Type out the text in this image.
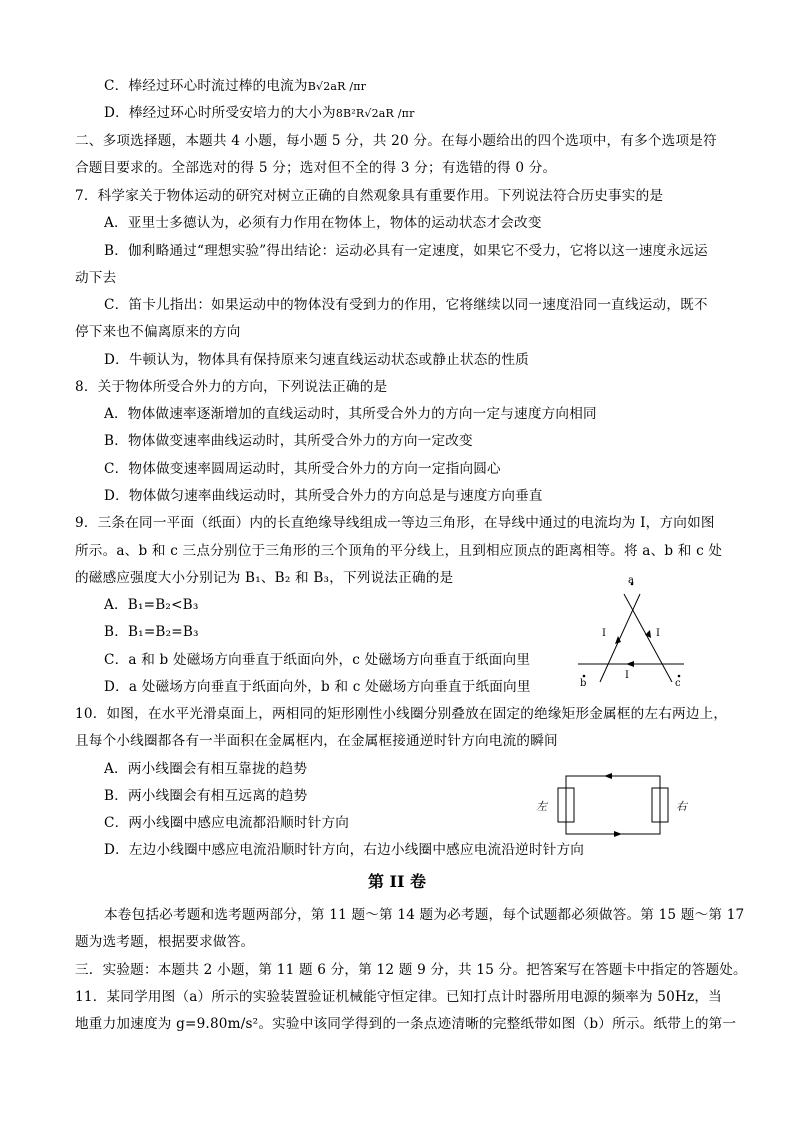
C．棒经过环心时流过棒的电流为B√2aR /πr
D．棒经过环心时所受安培力的大小为8B²R√2aR /πr
二、多项选择题，本题共 4 小题，每小题 5 分，共 20 分。在每小题给出的四个选项中，有多个选项是符
合题目要求的。全部选对的得 5 分；选对但不全的得 3 分；有选错的得 0 分。
7．科学家关于物体运动的研究对树立正确的自然观象具有重要作用。下列说法符合历史事实的是
A．亚里士多德认为，必须有力作用在物体上，物体的运动状态才会改变
B．伽利略通过“理想实验”得出结论：运动必具有一定速度，如果它不受力，它将以这一速度永远运
动下去
C．笛卡儿指出：如果运动中的物体没有受到力的作用，它将继续以同一速度沿同一直线运动，既不
停下来也不偏离原来的方向
D．牛顿认为，物体具有保持原来匀速直线运动状态或静止状态的性质
8．关于物体所受合外力的方向，下列说法正确的是
A．物体做速率逐渐增加的直线运动时，其所受合外力的方向一定与速度方向相同
B．物体做变速率曲线运动时，其所受合外力的方向一定改变
C．物体做变速率圆周运动时，其所受合外力的方向一定指向圆心
D．物体做匀速率曲线运动时，其所受合外力的方向总是与速度方向垂直
9．三条在同一平面（纸面）内的长直绝缘导线组成一等边三角形，在导线中通过的电流均为 I，方向如图
所示。a、b 和 c 三点分别位于三角形的三个顶角的平分线上，且到相应顶点的距离相等。将 a、b 和 c 处
的磁感应强度大小分别记为 B₁、B₂ 和 B₃，下列说法正确的是
A．B₁=B₂<B₃
B．B₁=B₂=B₃
C．a 和 b 处磁场方向垂直于纸面向外，c 处磁场方向垂直于纸面向里
D．a 处磁场方向垂直于纸面向外，b 和 c 处磁场方向垂直于纸面向里
a
b	c
I	I
I
10．如图，在水平光滑桌面上，两相同的矩形刚性小线圈分别叠放在固定的绝缘矩形金属框的左右两边上，
且每个小线圈都各有一半面积在金属框内，在金属框接通逆时针方向电流的瞬间
A．两小线圈会有相互靠拢的趋势
B．两小线圈会有相互远离的趋势
C．两小线圈中感应电流都沿顺时针方向
D．左边小线圈中感应电流沿顺时针方向，右边小线圈中感应电流沿逆时针方向
左	右
第 II 卷
本卷包括必考题和选考题两部分，第 11 题～第 14 题为必考题，每个试题都必须做答。第 15 题～第 17
题为选考题，根据要求做答。
三．实验题：本题共 2 小题，第 11 题 6 分，第 12 题 9 分，共 15 分。把答案写在答题卡中指定的答题处。
11．某同学用图（a）所示的实验装置验证机械能守恒定律。已知打点计时器所用电源的频率为 50Hz，当
地重力加速度为 g=9.80m/s²。实验中该同学得到的一条点迹清晰的完整纸带如图（b）所示。纸带上的第一
